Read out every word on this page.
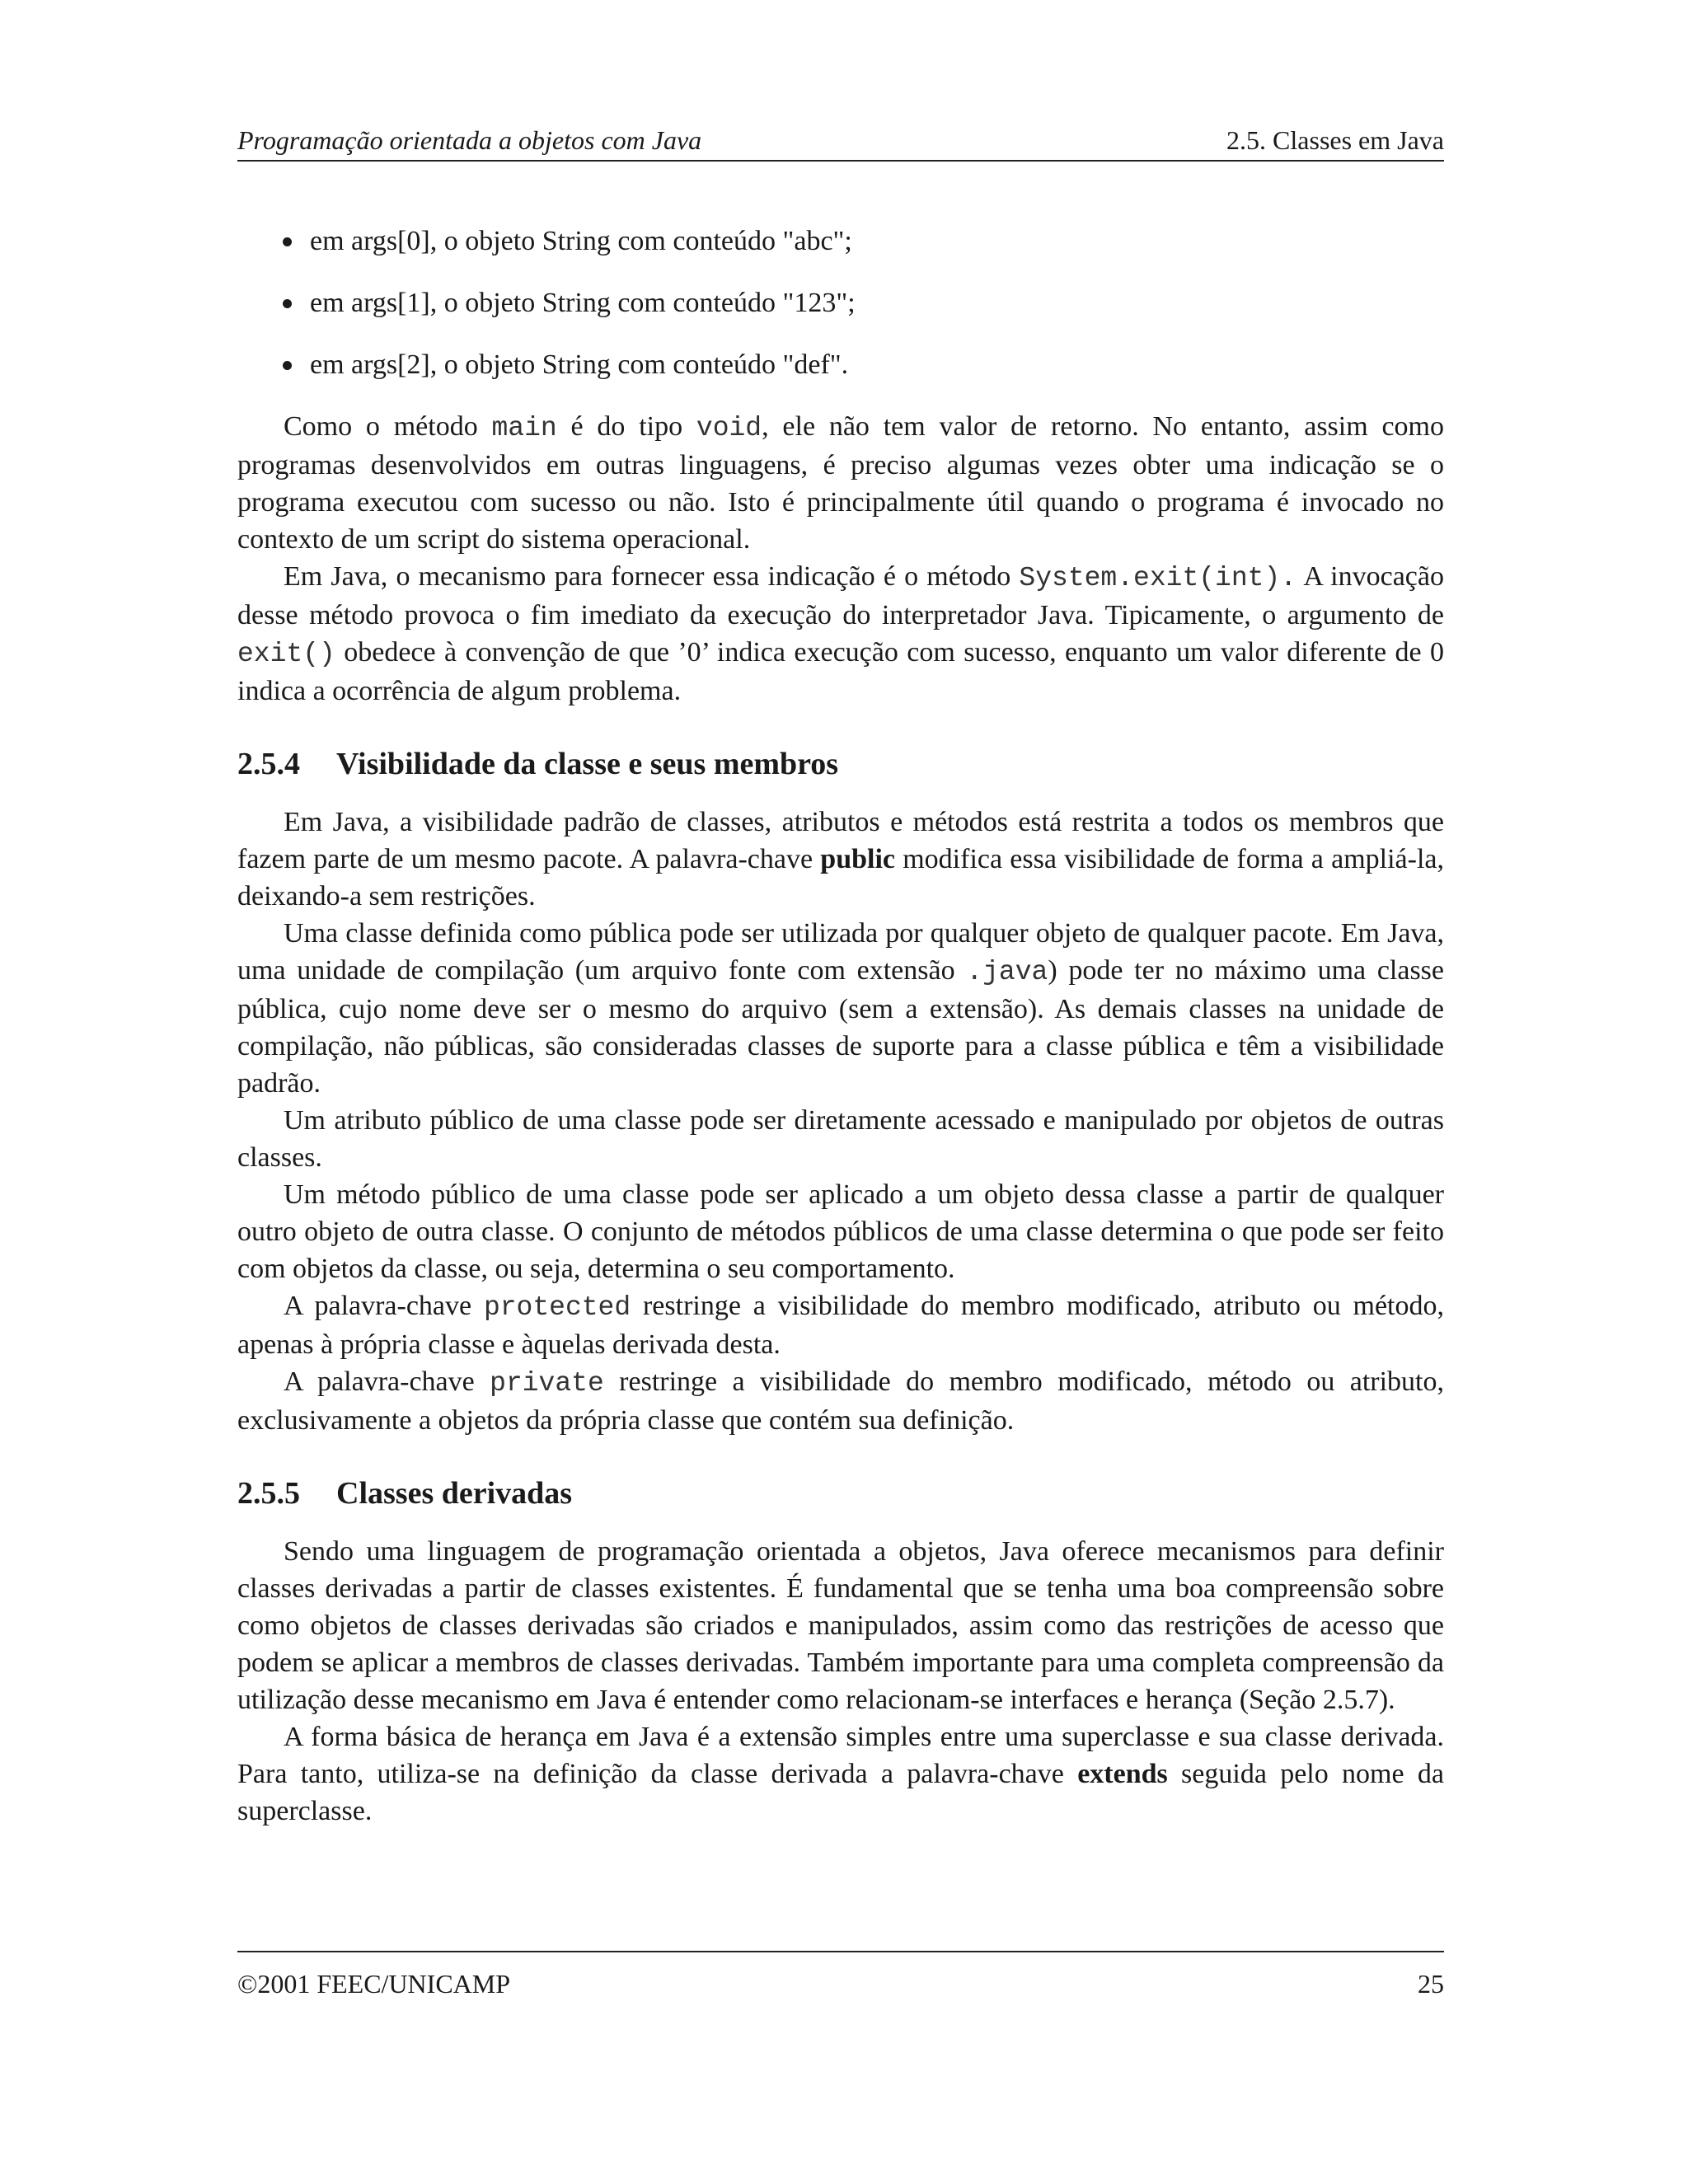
Programação orientada a objetos com Java	2.5. Classes em Java
em args[0], o objeto String com conteúdo "abc";
em args[1], o objeto String com conteúdo "123";
em args[2], o objeto String com conteúdo "def".

Como o método main é do tipo void, ele não tem valor de retorno. No entanto, assim como programas desenvolvidos em outras linguagens, é preciso algumas vezes obter uma indicação se o programa executou com sucesso ou não. Isto é principalmente útil quando o programa é invocado no contexto de um script do sistema operacional.

Em Java, o mecanismo para fornecer essa indicação é o método System.exit(int). A invocação desse método provoca o fim imediato da execução do interpretador Java. Tipicamente, o argumento de exit() obedece à convenção de que ’0’ indica execução com sucesso, enquanto um valor diferente de 0 indica a ocorrência de algum problema.

2.5.4 Visibilidade da classe e seus membros

Em Java, a visibilidade padrão de classes, atributos e métodos está restrita a todos os membros que fazem parte de um mesmo pacote. A palavra-chave public modifica essa visibilidade de forma a ampliá-la, deixando-a sem restrições.

Uma classe definida como pública pode ser utilizada por qualquer objeto de qualquer pacote. Em Java, uma unidade de compilação (um arquivo fonte com extensão .java) pode ter no máximo uma classe pública, cujo nome deve ser o mesmo do arquivo (sem a extensão). As demais classes na unidade de compilação, não públicas, são consideradas classes de suporte para a classe pública e têm a visibilidade padrão.

Um atributo público de uma classe pode ser diretamente acessado e manipulado por objetos de outras classes.

Um método público de uma classe pode ser aplicado a um objeto dessa classe a partir de qualquer outro objeto de outra classe. O conjunto de métodos públicos de uma classe determina o que pode ser feito com objetos da classe, ou seja, determina o seu comportamento.

A palavra-chave protected restringe a visibilidade do membro modificado, atributo ou método, apenas à própria classe e àquelas derivada desta.

A palavra-chave private restringe a visibilidade do membro modificado, método ou atributo, exclusivamente a objetos da própria classe que contém sua definição.

2.5.5 Classes derivadas

Sendo uma linguagem de programação orientada a objetos, Java oferece mecanismos para definir classes derivadas a partir de classes existentes. É fundamental que se tenha uma boa compreensão sobre como objetos de classes derivadas são criados e manipulados, assim como das restrições de acesso que podem se aplicar a membros de classes derivadas. Também importante para uma completa compreensão da utilização desse mecanismo em Java é entender como relacionam-se interfaces e herança (Seção 2.5.7).

A forma básica de herança em Java é a extensão simples entre uma superclasse e sua classe derivada. Para tanto, utiliza-se na definição da classe derivada a palavra-chave extends seguida pelo nome da superclasse.

©2001 FEEC/UNICAMP	25
